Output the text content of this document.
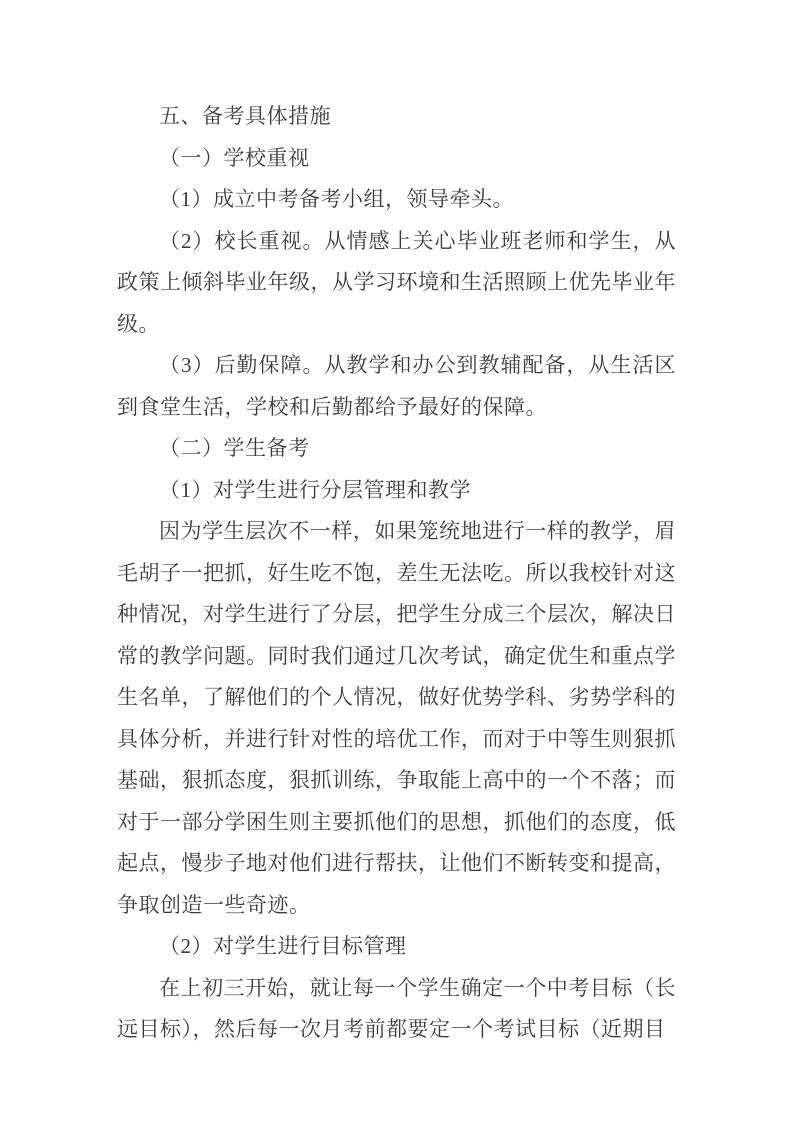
五、备考具体措施

（一）学校重视

（1）成立中考备考小组，领导牵头。

（2）校长重视。从情感上关心毕业班老师和学生，从政策上倾斜毕业年级，从学习环境和生活照顾上优先毕业年级。

（3）后勤保障。从教学和办公到教辅配备，从生活区到食堂生活，学校和后勤都给予最好的保障。

（二）学生备考

（1）对学生进行分层管理和教学

因为学生层次不一样，如果笼统地进行一样的教学，眉毛胡子一把抓，好生吃不饱，差生无法吃。所以我校针对这种情况，对学生进行了分层，把学生分成三个层次，解决日常的教学问题。同时我们通过几次考试，确定优生和重点学生名单，了解他们的个人情况，做好优势学科、劣势学科的具体分析，并进行针对性的培优工作，而对于中等生则狠抓基础，狠抓态度，狠抓训练，争取能上高中的一个不落；而对于一部分学困生则主要抓他们的思想，抓他们的态度，低起点，慢步子地对他们进行帮扶，让他们不断转变和提高，争取创造一些奇迹。

（2）对学生进行目标管理

在上初三开始，就让每一个学生确定一个中考目标（长远目标），然后每一次月考前都要定一个考试目标（近期目
